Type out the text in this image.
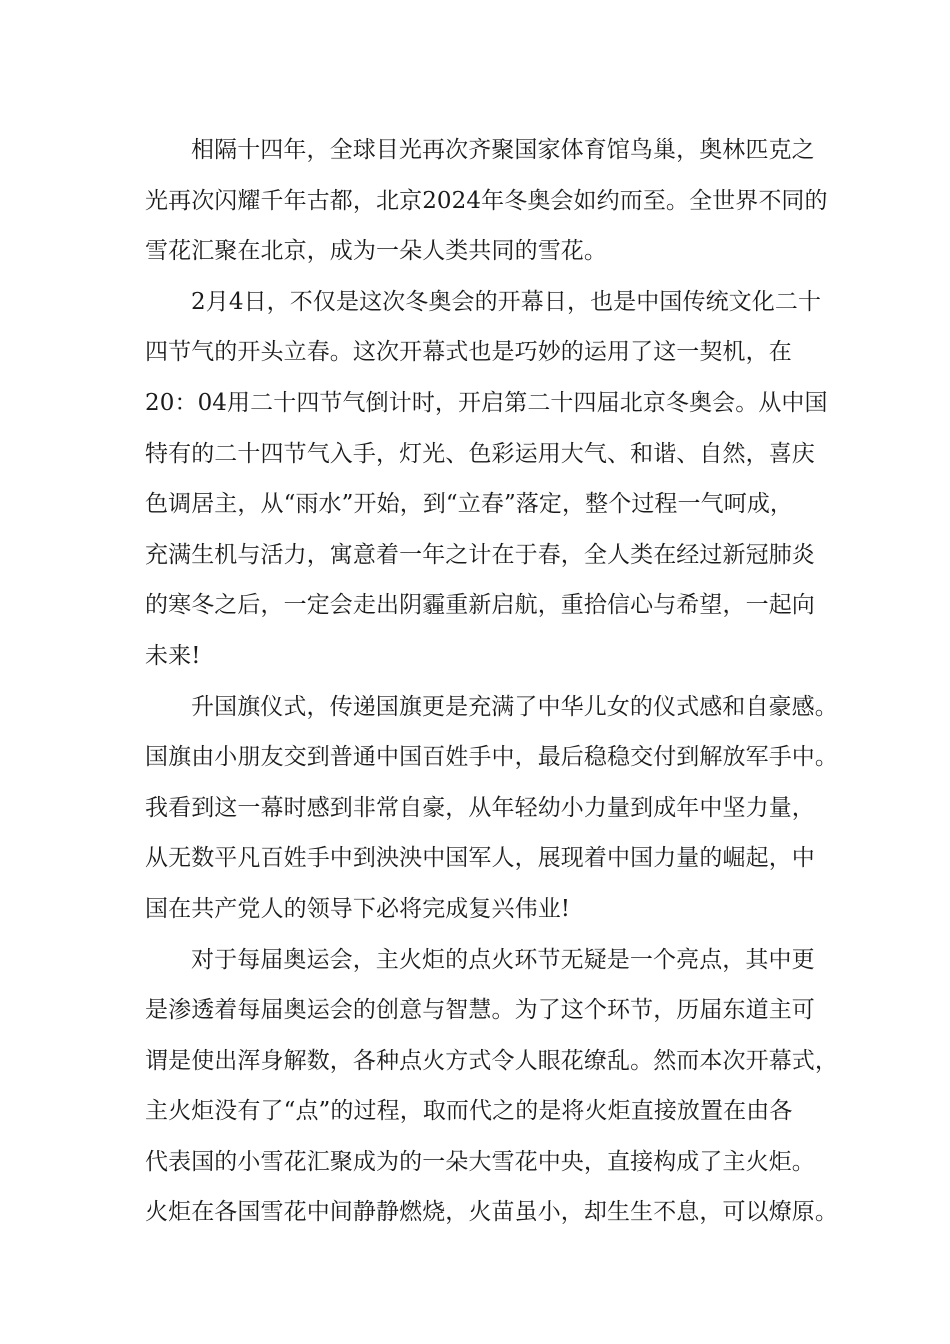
相隔十四年，全球目光再次齐聚国家体育馆鸟巢，奥林匹克之
光再次闪耀千年古都，北京2024年冬奥会如约而至。全世界不同的
雪花汇聚在北京，成为一朵人类共同的雪花。
2月4日，不仅是这次冬奥会的开幕日，也是中国传统文化二十
四节气的开头立春。这次开幕式也是巧妙的运用了这一契机，在
20：04用二十四节气倒计时，开启第二十四届北京冬奥会。从中国
特有的二十四节气入手，灯光、色彩运用大气、和谐、自然，喜庆
色调居主，从“雨水”开始，到“立春”落定，整个过程一气呵成，
充满生机与活力，寓意着一年之计在于春，全人类在经过新冠肺炎
的寒冬之后，一定会走出阴霾重新启航，重拾信心与希望，一起向
未来!
升国旗仪式，传递国旗更是充满了中华儿女的仪式感和自豪感。
国旗由小朋友交到普通中国百姓手中，最后稳稳交付到解放军手中。
我看到这一幕时感到非常自豪，从年轻幼小力量到成年中坚力量，
从无数平凡百姓手中到泱泱中国军人，展现着中国力量的崛起，中
国在共产党人的领导下必将完成复兴伟业!
对于每届奥运会，主火炬的点火环节无疑是一个亮点，其中更
是渗透着每届奥运会的创意与智慧。为了这个环节，历届东道主可
谓是使出浑身解数，各种点火方式令人眼花缭乱。然而本次开幕式，
主火炬没有了“点”的过程，取而代之的是将火炬直接放置在由各
代表国的小雪花汇聚成为的一朵大雪花中央，直接构成了主火炬。
火炬在各国雪花中间静静燃烧，火苗虽小，却生生不息，可以燎原。
